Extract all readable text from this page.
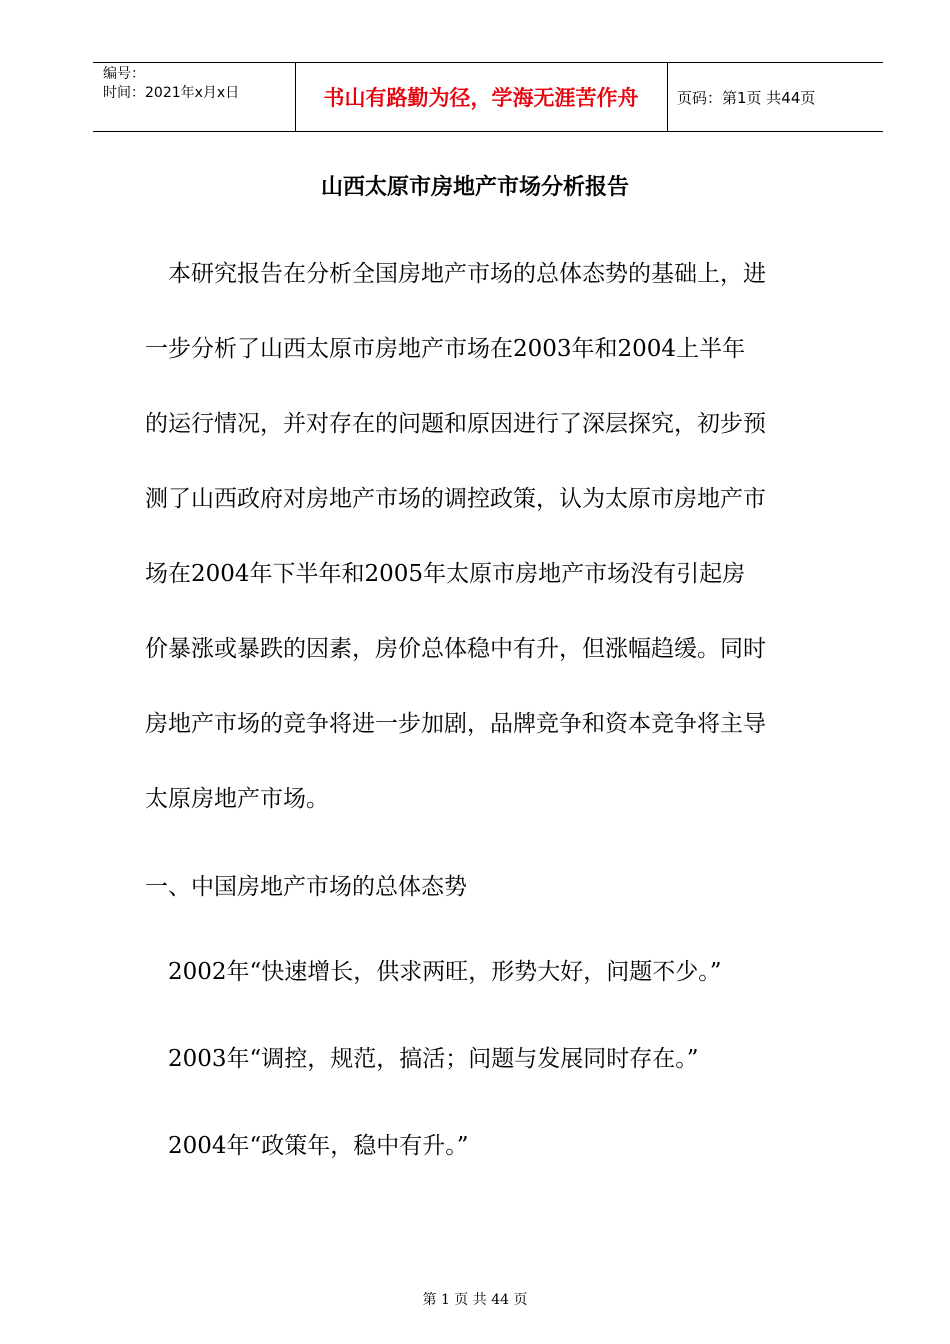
编号：
时间：2021年x月x日	书山有路勤为径，学海无涯苦作舟	页码：第1页 共44页
山西太原市房地产市场分析报告
本研究报告在分析全国房地产市场的总体态势的基础上，进
一步分析了山西太原市房地产市场在2003年和2004上半年
的运行情况，并对存在的问题和原因进行了深层探究，初步预
测了山西政府对房地产市场的调控政策，认为太原市房地产市
场在2004年下半年和2005年太原市房地产市场没有引起房
价暴涨或暴跌的因素，房价总体稳中有升，但涨幅趋缓。同时
房地产市场的竞争将进一步加剧，品牌竞争和资本竞争将主导
太原房地产市场。
一、中国房地产市场的总体态势
2002年“快速增长，供求两旺，形势大好，问题不少。”
2003年“调控，规范，搞活；问题与发展同时存在。”
2004年“政策年，稳中有升。”
第 1 页 共 44 页
